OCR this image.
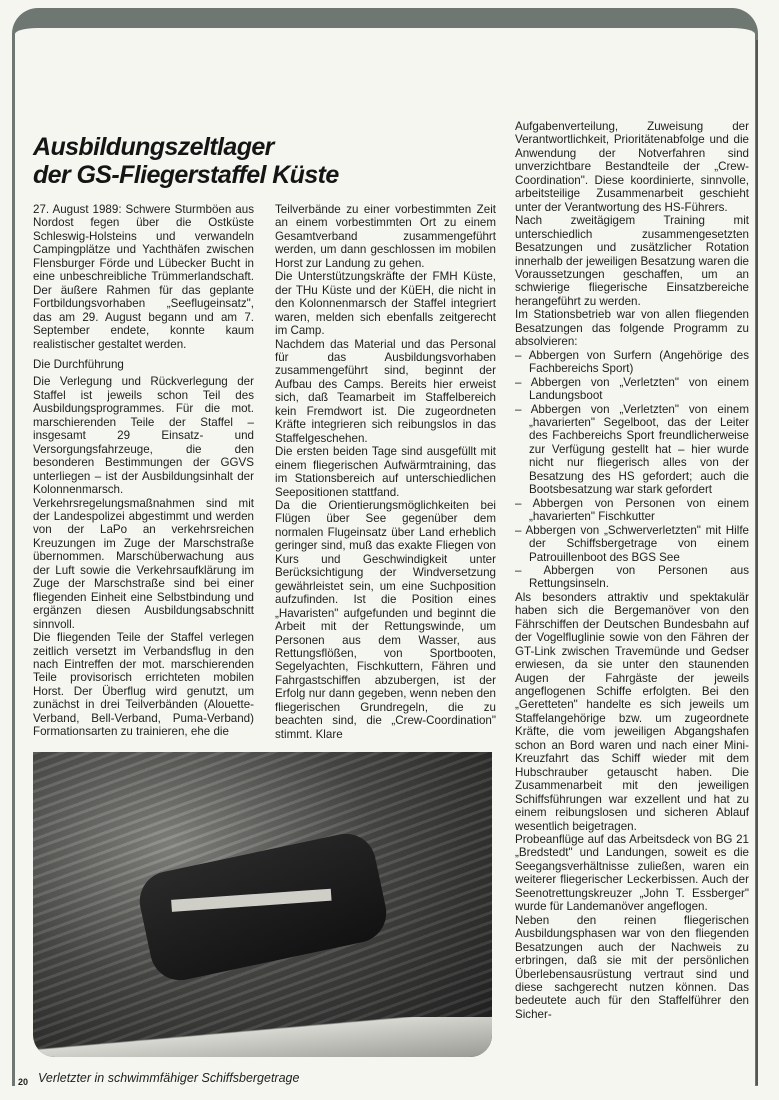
Ausbildungszeltlager
der GS-Fliegerstaffel Küste

27. August 1989: Schwere Sturmböen aus Nordost fegen über die Ostküste Schleswig-Holsteins und verwandeln Campingplätze und Yachthäfen zwischen Flensburger Förde und Lübecker Bucht in eine unbeschreibliche Trümmerlandschaft. Der äußere Rahmen für das geplante Fortbildungsvorhaben „Seeflugeinsatz", das am 29. August begann und am 7. September endete, konnte kaum realistischer gestaltet werden.

Die Durchführung

Die Verlegung und Rückverlegung der Staffel ist jeweils schon Teil des Ausbildungsprogrammes. Für die mot. marschierenden Teile der Staffel – insgesamt 29 Einsatz- und Versorgungsfahrzeuge, die den besonderen Bestimmungen der GGVS unterliegen – ist der Ausbildungsinhalt der Kolonnenmarsch. Verkehrsregelungsmaßnahmen sind mit der Landespolizei abgestimmt und werden von der LaPo an verkehrsreichen Kreuzungen im Zuge der Marschstraße übernommen. Marschüberwachung aus der Luft sowie die Verkehrsaufklärung im Zuge der Marschstraße sind bei einer fliegenden Einheit eine Selbstbindung und ergänzen diesen Ausbildungsabschnitt sinnvoll.

Die fliegenden Teile der Staffel verlegen zeitlich versetzt im Verbandsflug in den nach Eintreffen der mot. marschierenden Teile provisorisch errichteten mobilen Horst. Der Überflug wird genutzt, um zunächst in drei Teilverbänden (Alouette-Verband, Bell-Verband, Puma-Verband) Formationsarten zu trainieren, ehe die

Teilverbände zu einer vorbestimmten Zeit an einem vorbestimmten Ort zu einem Gesamtverband zusammengeführt werden, um dann geschlossen im mobilen Horst zur Landung zu gehen.

Die Unterstützungskräfte der FMH Küste, der THu Küste und der KüEH, die nicht in den Kolonnenmarsch der Staffel integriert waren, melden sich ebenfalls zeitgerecht im Camp.

Nachdem das Material und das Personal für das Ausbildungsvorhaben zusammengeführt sind, beginnt der Aufbau des Camps. Bereits hier erweist sich, daß Teamarbeit im Staffelbereich kein Fremdwort ist. Die zugeordneten Kräfte integrieren sich reibungslos in das Staffelgeschehen.

Die ersten beiden Tage sind ausgefüllt mit einem fliegerischen Aufwärmtraining, das im Stationsbereich auf unterschiedlichen Seepositionen stattfand.

Da die Orientierungsmöglichkeiten bei Flügen über See gegenüber dem normalen Flugeinsatz über Land erheblich geringer sind, muß das exakte Fliegen von Kurs und Geschwindigkeit unter Berücksichtigung der Windversetzung gewährleistet sein, um eine Suchposition aufzufinden. Ist die Position eines „Havaristen" aufgefunden und beginnt die Arbeit mit der Rettungswinde, um Personen aus dem Wasser, aus Rettungsflößen, von Sportbooten, Segelyachten, Fischkuttern, Fähren und Fahrgastschiffen abzubergen, ist der Erfolg nur dann gegeben, wenn neben den fliegerischen Grundregeln, die zu beachten sind, die „Crew-Coordination" stimmt. Klare

Aufgabenverteilung, Zuweisung der Verantwortlichkeit, Prioritätenabfolge und die Anwendung der Notverfahren sind unverzichtbare Bestandteile der „Crew-Coordination". Diese koordinierte, sinnvolle, arbeitsteilige Zusammenarbeit geschieht unter der Verantwortung des HS-Führers.

Nach zweitägigem Training mit unterschiedlich zusammengesetzten Besatzungen und zusätzlicher Rotation innerhalb der jeweiligen Besatzung waren die Voraussetzungen geschaffen, um an schwierige fliegerische Einsatzbereiche herangeführt zu werden.

Im Stationsbetrieb war von allen fliegenden Besatzungen das folgende Programm zu absolvieren:

– Abbergen von Surfern (Angehörige des Fachbereichs Sport)
– Abbergen von „Verletzten" von einem Landungsboot
– Abbergen von „Verletzten" von einem „havarierten" Segelboot, das der Leiter des Fachbereichs Sport freundlicherweise zur Verfügung gestellt hat – hier wurde nicht nur fliegerisch alles von der Besatzung des HS gefordert; auch die Bootsbesatzung war stark gefordert
– Abbergen von Personen von einem „havarierten" Fischkutter
– Abbergen von „Schwerverletzten" mit Hilfe der Schiffsbergetrage von einem Patrouillenboot des BGS See
– Abbergen von Personen aus Rettungsinseln.

Als besonders attraktiv und spektakulär haben sich die Bergemanöver von den Fährschiffen der Deutschen Bundesbahn auf der Vogelfluglinie sowie von den Fähren der GT-Link zwischen Travemünde und Gedser erwiesen, da sie unter den staunenden Augen der Fahrgäste der jeweils angeflogenen Schiffe erfolgten. Bei den „Geretteten" handelte es sich jeweils um Staffelangehörige bzw. um zugeordnete Kräfte, die vom jeweiligen Abgangshafen schon an Bord waren und nach einer Mini-Kreuzfahrt das Schiff wieder mit dem Hubschrauber getauscht haben. Die Zusammenarbeit mit den jeweiligen Schiffsführungen war exzellent und hat zu einem reibungslosen und sicheren Ablauf wesentlich beigetragen.

Probeanflüge auf das Arbeitsdeck von BG 21 „Bredstedt" und Landungen, soweit es die Seegangsverhältnisse zuließen, waren ein weiterer fliegerischer Leckerbissen. Auch der Seenotrettungskreuzer „John T. Essberger" wurde für Landemanöver angeflogen.

Neben den reinen fliegerischen Ausbildungsphasen war von den fliegenden Besatzungen auch der Nachweis zu erbringen, daß sie mit der persönlichen Überlebensausrüstung vertraut sind und diese sachgerecht nutzen können. Das bedeutete auch für den Staffelführer den Sicher-

20 Verletzter in schwimmfähiger Schiffsbergetrage
